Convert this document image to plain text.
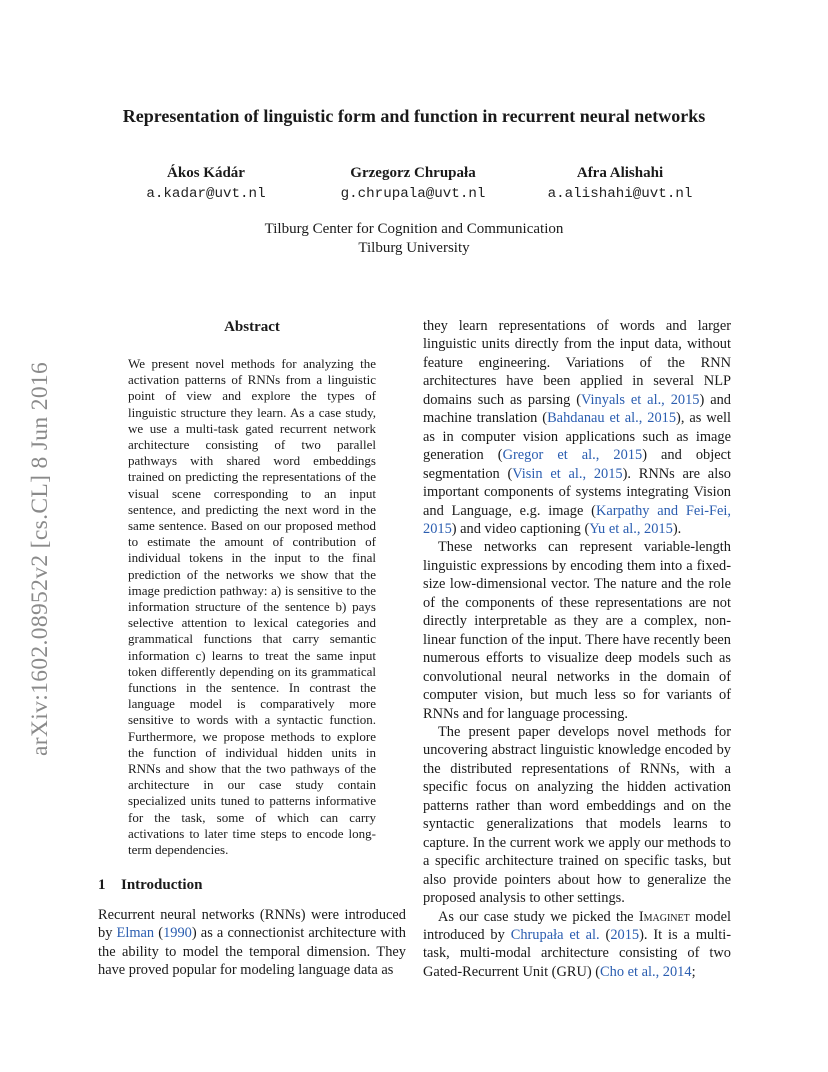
arXiv:1602.08952v2 [cs.CL] 8 Jun 2016
Representation of linguistic form and function in recurrent neural networks
Ákos Kádár
a.kadar@uvt.nl
Grzegorz Chrupała
g.chrupala@uvt.nl
Afra Alishahi
a.alishahi@uvt.nl
Tilburg Center for Cognition and Communication
Tilburg University
Abstract
We present novel methods for analyzing the activation patterns of RNNs from a linguistic point of view and explore the types of linguistic structure they learn. As a case study, we use a multi-task gated recurrent network architecture consisting of two parallel pathways with shared word embeddings trained on predicting the representations of the visual scene corresponding to an input sentence, and predicting the next word in the same sentence. Based on our proposed method to estimate the amount of contribution of individual tokens in the input to the final prediction of the networks we show that the image prediction pathway: a) is sensitive to the information structure of the sentence b) pays selective attention to lexical categories and grammatical functions that carry semantic information c) learns to treat the same input token differently depending on its grammatical functions in the sentence. In contrast the language model is comparatively more sensitive to words with a syntactic function. Furthermore, we propose methods to explore the function of individual hidden units in RNNs and show that the two pathways of the architecture in our case study contain specialized units tuned to patterns informative for the task, some of which can carry activations to later time steps to encode long-term dependencies.
1 Introduction

Recurrent neural networks (RNNs) were introduced by Elman (1990) as a connectionist architecture with the ability to model the temporal dimension. They have proved popular for modeling language data as

they learn representations of words and larger linguistic units directly from the input data, without feature engineering. Variations of the RNN architectures have been applied in several NLP domains such as parsing (Vinyals et al., 2015) and machine translation (Bahdanau et al., 2015), as well as in computer vision applications such as image generation (Gregor et al., 2015) and object segmentation (Visin et al., 2015). RNNs are also important components of systems integrating Vision and Language, e.g. image (Karpathy and Fei-Fei, 2015) and video captioning (Yu et al., 2015).

These networks can represent variable-length linguistic expressions by encoding them into a fixed-size low-dimensional vector. The nature and the role of the components of these representations are not directly interpretable as they are a complex, non-linear function of the input. There have recently been numerous efforts to visualize deep models such as convolutional neural networks in the domain of computer vision, but much less so for variants of RNNs and for language processing.

The present paper develops novel methods for uncovering abstract linguistic knowledge encoded by the distributed representations of RNNs, with a specific focus on analyzing the hidden activation patterns rather than word embeddings and on the syntactic generalizations that models learns to capture. In the current work we apply our methods to a specific architecture trained on specific tasks, but also provide pointers about how to generalize the proposed analysis to other settings.

As our case study we picked the Imaginet model introduced by Chrupała et al. (2015). It is a multi-task, multi-modal architecture consisting of two Gated-Recurrent Unit (GRU) (Cho et al., 2014;
